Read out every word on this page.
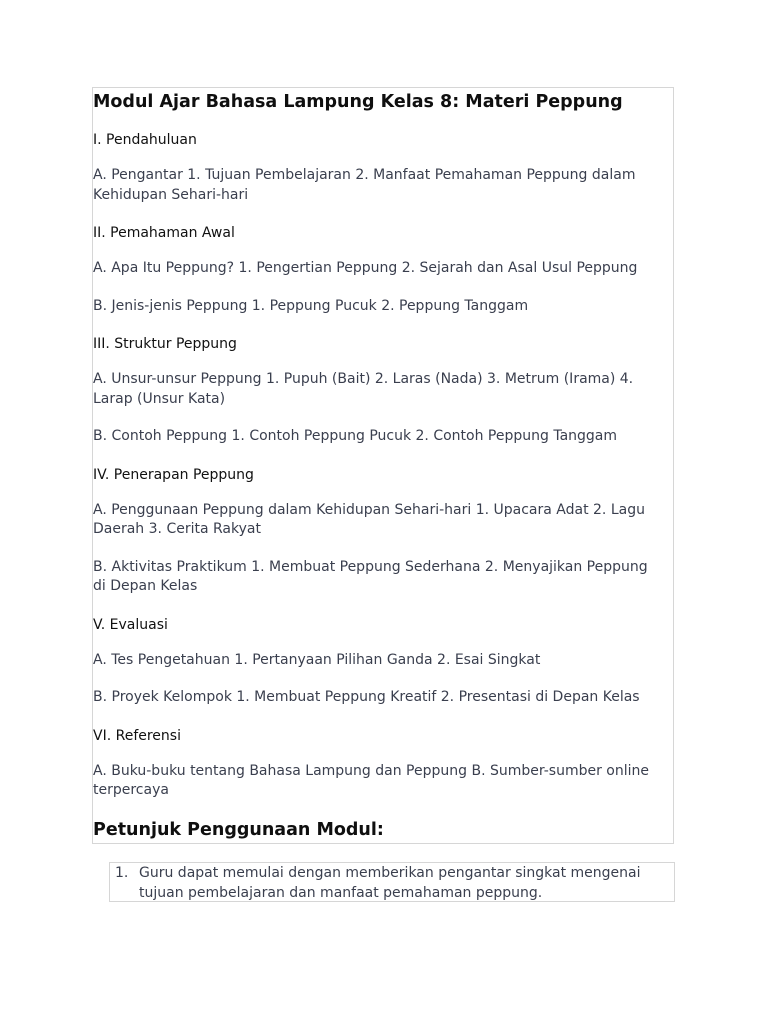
Modul Ajar Bahasa Lampung Kelas 8: Materi Peppung

I. Pendahuluan

A. Pengantar 1. Tujuan Pembelajaran 2. Manfaat Pemahaman Peppung dalam Kehidupan Sehari-hari

II. Pemahaman Awal

A. Apa Itu Peppung? 1. Pengertian Peppung 2. Sejarah dan Asal Usul Peppung

B. Jenis-jenis Peppung 1. Peppung Pucuk 2. Peppung Tanggam

III. Struktur Peppung

A. Unsur-unsur Peppung 1. Pupuh (Bait) 2. Laras (Nada) 3. Metrum (Irama) 4. Larap (Unsur Kata)

B. Contoh Peppung 1. Contoh Peppung Pucuk 2. Contoh Peppung Tanggam

IV. Penerapan Peppung

A. Penggunaan Peppung dalam Kehidupan Sehari-hari 1. Upacara Adat 2. Lagu Daerah 3. Cerita Rakyat

B. Aktivitas Praktikum 1. Membuat Peppung Sederhana 2. Menyajikan Peppung di Depan Kelas

V. Evaluasi

A. Tes Pengetahuan 1. Pertanyaan Pilihan Ganda 2. Esai Singkat

B. Proyek Kelompok 1. Membuat Peppung Kreatif 2. Presentasi di Depan Kelas

VI. Referensi

A. Buku-buku tentang Bahasa Lampung dan Peppung B. Sumber-sumber online terpercaya

Petunjuk Penggunaan Modul:
1. Guru dapat memulai dengan memberikan pengantar singkat mengenai tujuan pembelajaran dan manfaat pemahaman peppung.
